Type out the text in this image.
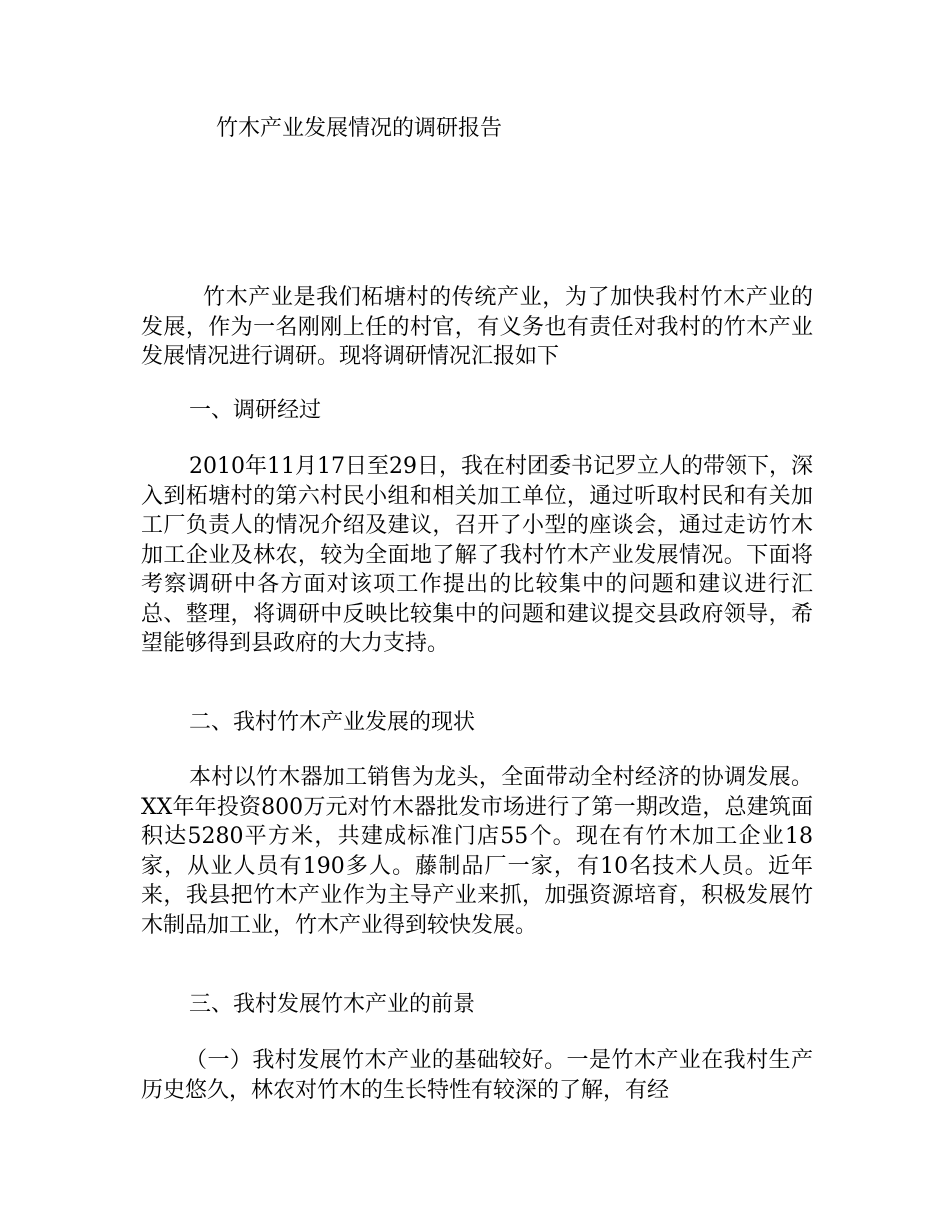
竹木产业发展情况的调研报告

竹木产业是我们柘塘村的传统产业，为了加快我村竹木产业的发展，作为一名刚刚上任的村官，有义务也有责任对我村的竹木产业发展情况进行调研。现将调研情况汇报如下

一、调研经过

2010年11月17日至29日，我在村团委书记罗立人的带领下，深入到柘塘村的第六村民小组和相关加工单位，通过听取村民和有关加工厂负责人的情况介绍及建议，召开了小型的座谈会，通过走访竹木加工企业及林农，较为全面地了解了我村竹木产业发展情况。下面将考察调研中各方面对该项工作提出的比较集中的问题和建议进行汇总、整理，将调研中反映比较集中的问题和建议提交县政府领导，希望能够得到县政府的大力支持。

二、我村竹木产业发展的现状

本村以竹木器加工销售为龙头，全面带动全村经济的协调发展。XX年年投资800万元对竹木器批发市场进行了第一期改造，总建筑面积达5280平方米，共建成标准门店55个。现在有竹木加工企业18家，从业人员有190多人。藤制品厂一家，有10名技术人员。近年来，我县把竹木产业作为主导产业来抓，加强资源培育，积极发展竹木制品加工业，竹木产业得到较快发展。

三、我村发展竹木产业的前景

（一）我村发展竹木产业的基础较好。一是竹木产业在我村生产历史悠久，林农对竹木的生长特性有较深的了解，有经
